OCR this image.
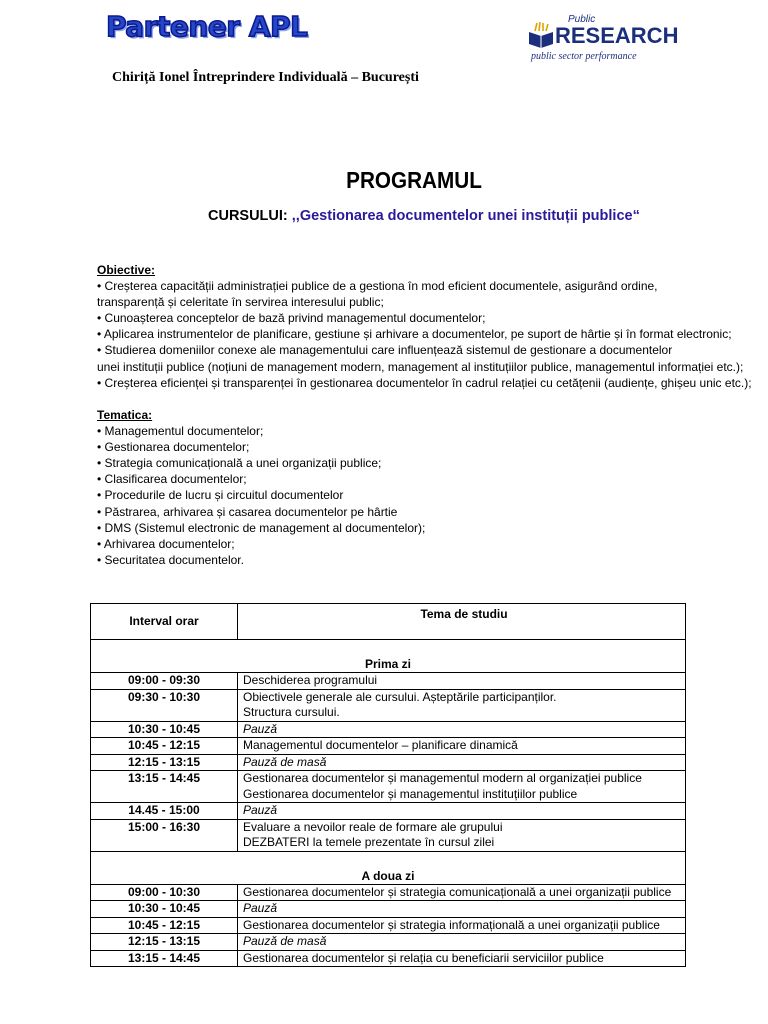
Partener APL	Public
RESEARCH
public sector performance
Chiriță Ionel Întreprindere Individuală – București
PROGRAMUL
CURSULUI: ,,Gestionarea documentelor unei instituții publice“
Obiective:
• Creșterea capacității administrației publice de a gestiona în mod eficient documentele, asigurând ordine,
transparență și celeritate în servirea interesului public;
• Cunoașterea conceptelor de bază privind managementul documentelor;
• Aplicarea instrumentelor de planificare, gestiune și arhivare a documentelor, pe suport de hârtie și în format electronic;
• Studierea domeniilor conexe ale managementului care influențează sistemul de gestionare a documentelor
unei instituții publice (noțiuni de management modern, management al instituțiilor publice, managementul informației etc.);
• Creșterea eficienței și transparenței în gestionarea documentelor în cadrul relației cu cetățenii (audiențe, ghișeu unic etc.);
Tematica:
• Managementul documentelor;
• Gestionarea documentelor;
• Strategia comunicațională a unei organizații publice;
• Clasificarea documentelor;
• Procedurile de lucru și circuitul documentelor
• Păstrarea, arhivarea și casarea documentelor pe hârtie
• DMS (Sistemul electronic de management al documentelor);
• Arhivarea documentelor;
• Securitatea documentelor.
Interval orar	Tema de studiu
Prima zi	
09:00 - 09:30	Deschiderea programului

09:30 - 10:30	Obiectivele generale ale cursului. Așteptările participanților.
Structura cursului.

10:30 - 10:45	Pauză

10:45 - 12:15	Managementul documentelor – planificare dinamică

12:15 - 13:15	Pauză de masă

13:15 - 14:45	Gestionarea documentelor și managementul modern al organizației publice
Gestionarea documentelor și managementul instituțiilor publice

14.45 - 15:00	Pauză

15:00 - 16:30	Evaluare a nevoilor reale de formare ale grupului
DEZBATERI la temele prezentate în cursul zilei

A doua zi	
09:00 - 10:30	Gestionarea documentelor și strategia comunicațională a unei organizații publice

10:30 - 10:45	Pauză

10:45 - 12:15	Gestionarea documentelor și strategia informațională a unei organizații publice

12:15 - 13:15	Pauză de masă

13:15 - 14:45	Gestionarea documentelor și relația cu beneficiarii serviciilor publice
